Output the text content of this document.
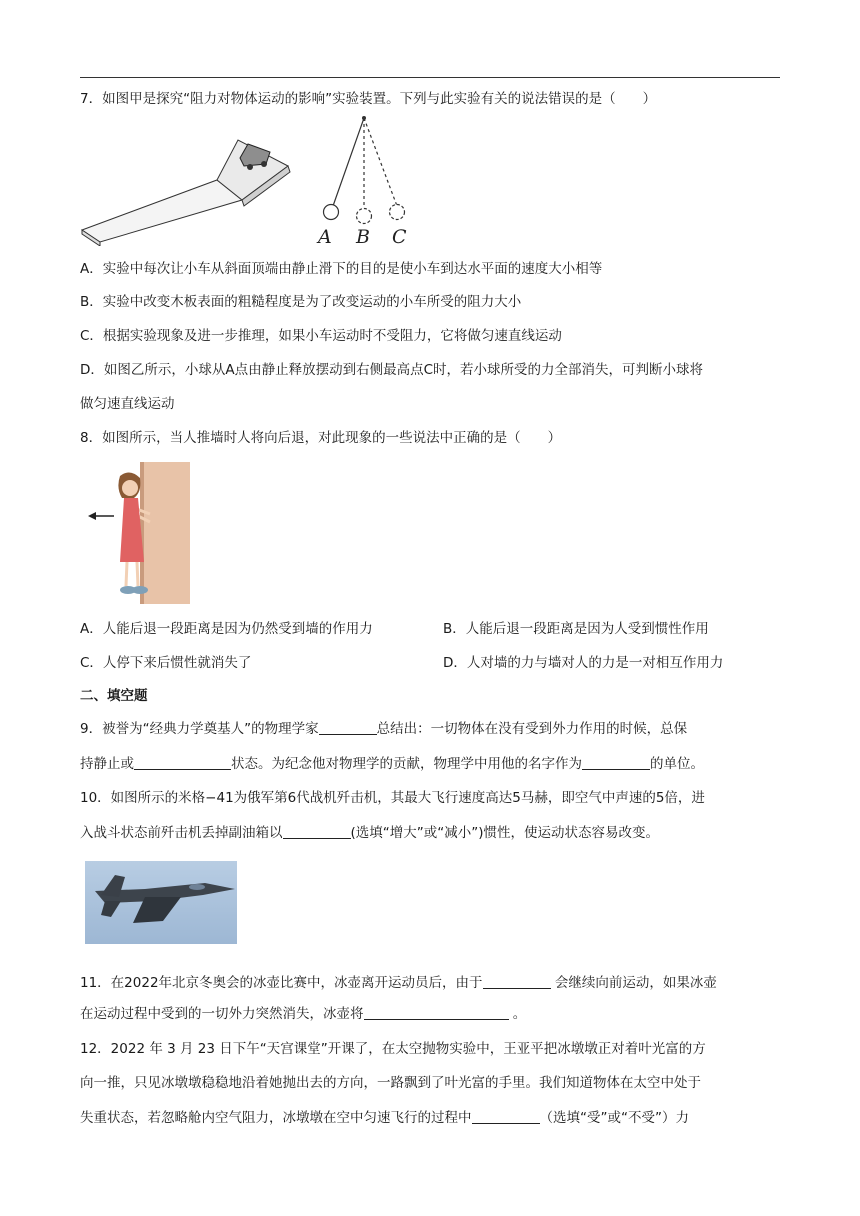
7．如图甲是探究“阻力对物体运动的影响”实验装置。下列与此实验有关的说法错误的是（　　）
A B C
A．实验中每次让小车从斜面顶端由静止滑下的目的是使小车到达水平面的速度大小相等
B．实验中改变木板表面的粗糙程度是为了改变运动的小车所受的阻力大小
C．根据实验现象及进一步推理，如果小车运动时不受阻力，它将做匀速直线运动
D．如图乙所示，小球从A点由静止释放摆动到右侧最高点C时，若小球所受的力全部消失，可判断小球将
做匀速直线运动
8．如图所示，当人推墙时人将向后退，对此现象的一些说法中正确的是（　　）
A．人能后退一段距离是因为仍然受到墙的作用力	B．人能后退一段距离是因为人受到惯性作用
C．人停下来后惯性就消失了	D．人对墙的力与墙对人的力是一对相互作用力
二、填空题
9．被誉为“经典力学奠基人”的物理学家	总结出：一切物体在没有受到外力作用的时候，总保
持静止或	状态。为纪念他对物理学的贡献，物理学中用他的名字作为	的单位。
10．如图所示的米格−41为俄军第6代战机歼击机，其最大飞行速度高达5马赫，即空气中声速的5倍，进
入战斗状态前歼击机丢掉副油箱以	(选填“增大”或“减小”)惯性，使运动状态容易改变。
11．在2022年北京冬奥会的冰壶比赛中，冰壶离开运动员后，由于	会继续向前运动，如果冰壶
在运动过程中受到的一切外力突然消失，冰壶将	。
12．2022 年 3 月 23 日下午“天宫课堂”开课了，在太空抛物实验中，王亚平把冰墩墩正对着叶光富的方
向一推，只见冰墩墩稳稳地沿着她抛出去的方向，一路飘到了叶光富的手里。我们知道物体在太空中处于
失重状态，若忽略舱内空气阻力，冰墩墩在空中匀速飞行的过程中	（选填“受”或“不受”）力
